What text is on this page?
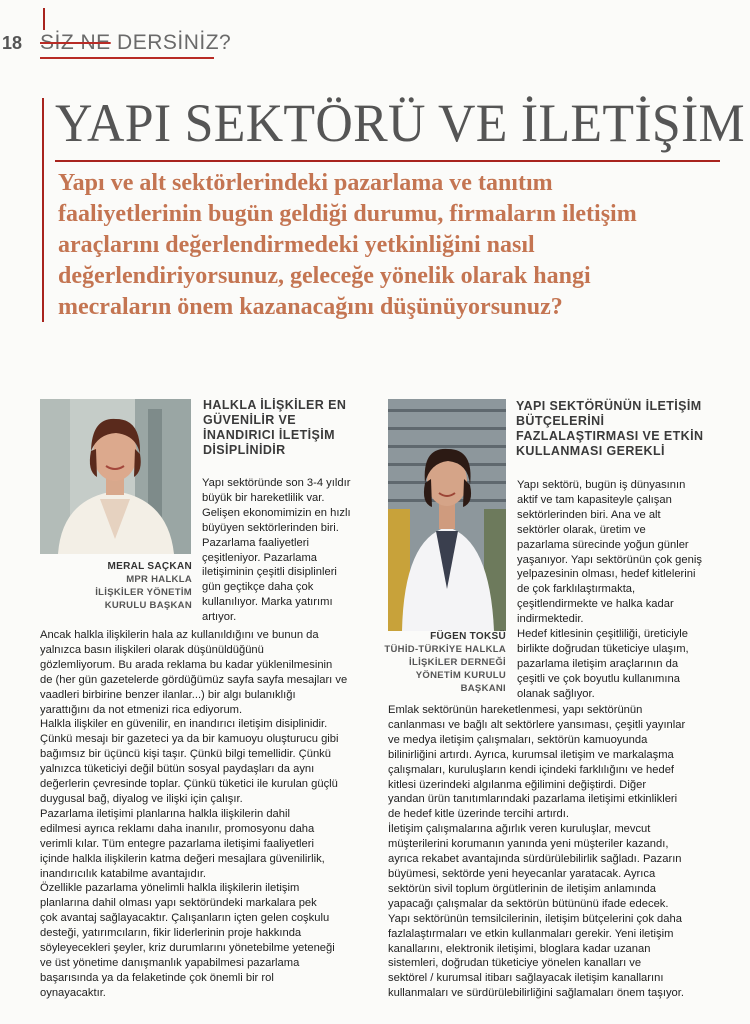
18 SİZ NE DERSİNİZ?
YAPI SEKTÖRÜ VE İLETİŞİM
Yapı ve alt sektörlerindeki pazarlama ve tanıtım
faaliyetlerinin bugün geldiği durumu, firmaların iletişim
araçlarını değerlendirmedeki yetkinliğini nasıl
değerlendiriyorsunuz, geleceğe yönelik olarak hangi
mecraların önem kazanacağını düşünüyorsunuz?
MERAL SAÇKAN
MPR HALKLA
İLİŞKİLER YÖNETİM
KURULU BAŞKAN
HALKLA İLİŞKİLER EN
GÜVENİLİR VE
İNANDIRICI İLETİŞİM
DİSİPLİNİDİR
Yapı sektöründe son 3-4 yıldır
büyük bir hareketlilik var.
Gelişen ekonomimizin en hızlı
büyüyen sektörlerinden biri.
Pazarlama faaliyetleri
çeşitleniyor. Pazarlama
iletişiminin çeşitli disiplinleri
gün geçtikçe daha çok
kullanılıyor. Marka yatırımı
artıyor.
Ancak halkla ilişkilerin hala az kullanıldığını ve bunun da
yalnızca basın ilişkileri olarak düşünüldüğünü
gözlemliyorum. Bu arada reklama bu kadar yüklenilmesinin
de (her gün gazetelerde gördüğümüz sayfa sayfa mesajları ve
vaadleri birbirine benzer ilanlar...) bir algı bulanıklığı
yarattığını da not etmenizi rica ediyorum.
Halkla ilişkiler en güvenilir, en inandırıcı iletişim disiplinidir.
Çünkü mesajı bir gazeteci ya da bir kamuoyu oluşturucu gibi
bağımsız bir üçüncü kişi taşır. Çünkü bilgi temellidir. Çünkü
yalnızca tüketiciyi değil bütün sosyal paydaşları da aynı
değerlerin çevresinde toplar. Çünkü tüketici ile kurulan güçlü
duygusal bağ, diyalog ve ilişki için çalışır.
Pazarlama iletişimi planlarına halkla ilişkilerin dahil
edilmesi ayrıca reklamı daha inanılır, promosyonu daha
verimli kılar. Tüm entegre pazarlama iletişimi faaliyetleri
içinde halkla ilişkilerin katma değeri mesajlara güvenilirlik,
inandırıcılık katabilme avantajıdır.
Özellikle pazarlama yönelimli halkla ilişkilerin iletişim
planlarına dahil olması yapı sektöründeki markalara pek
çok avantaj sağlayacaktır. Çalışanların içten gelen coşkulu
desteği, yatırımcıların, fikir liderlerinin proje hakkında
söyleyecekleri şeyler, kriz durumlarını yönetebilme yeteneği
ve üst yönetime danışmanlık yapabilmesi pazarlama
başarısında ya da felaketinde çok önemli bir rol
oynayacaktır.
FÜGEN TOKSÜ
TÜHİD-TÜRKİYE HALKLA
İLİŞKİLER DERNEĞİ
YÖNETİM KURULU
BAŞKANI
YAPI SEKTÖRÜNÜN İLETİŞİM
BÜTÇELERİNİ
FAZLALAŞTIRMASI VE ETKİN
KULLANMASI GEREKLİ
Yapı sektörü, bugün iş dünyasının
aktif ve tam kapasiteyle çalışan
sektörlerinden biri. Ana ve alt
sektörler olarak, üretim ve
pazarlama sürecinde yoğun günler
yaşanıyor. Yapı sektörünün çok geniş
yelpazesinin olması, hedef kitlelerini
de çok farklılaştırmakta,
çeşitlendirmekte ve halka kadar
indirmektedir.
Hedef kitlesinin çeşitliliği, üreticiyle
birlikte doğrudan tüketiciye ulaşım,
pazarlama iletişim araçlarının da
çeşitli ve çok boyutlu kullanımına
olanak sağlıyor.
Emlak sektörünün hareketlenmesi, yapı sektörünün
canlanması ve bağlı alt sektörlere yansıması, çeşitli yayınlar
ve medya iletişim çalışmaları, sektörün kamuoyunda
bilinirliğini artırdı. Ayrıca, kurumsal iletişim ve markalaşma
çalışmaları, kuruluşların kendi içindeki farklılığını ve hedef
kitlesi üzerindeki algılanma eğilimini değiştirdi. Diğer
yandan ürün tanıtımlarındaki pazarlama iletişimi etkinlikleri
de hedef kitle üzerinde tercihi artırdı.
İletişim çalışmalarına ağırlık veren kuruluşlar, mevcut
müşterilerini korumanın yanında yeni müşteriler kazandı,
ayrıca rekabet avantajında sürdürülebilirlik sağladı. Pazarın
büyümesi, sektörde yeni heyecanlar yaratacak. Ayrıca
sektörün sivil toplum örgütlerinin de iletişim anlamında
yapacağı çalışmalar da sektörün bütününü ifade edecek.
Yapı sektörünün temsilcilerinin, iletişim bütçelerini çok daha
fazlalaştırmaları ve etkin kullanmaları gerekir. Yeni iletişim
kanallarını, elektronik iletişimi, bloglara kadar uzanan
sistemleri, doğrudan tüketiciye yönelen kanalları ve
sektörel / kurumsal itibarı sağlayacak iletişim kanallarını
kullanmaları ve sürdürülebilirliğini sağlamaları önem taşıyor.
